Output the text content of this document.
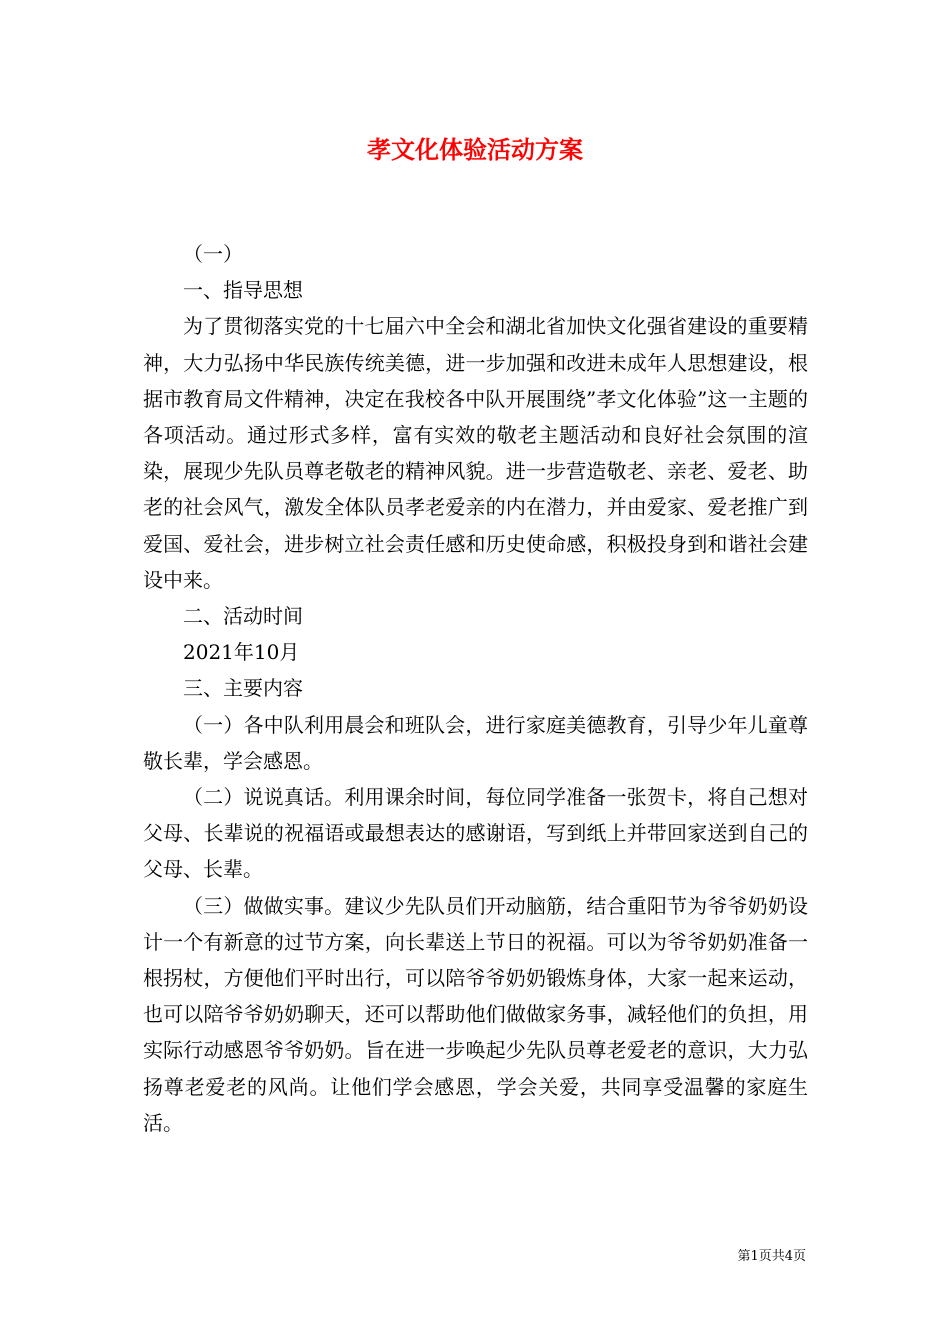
孝文化体验活动方案

（一）

一、指导思想

为了贯彻落实党的十七届六中全会和湖北省加快文化强省建设的重要精神，大力弘扬中华民族传统美德，进一步加强和改进未成年人思想建设，根据市教育局文件精神，决定在我校各中队开展围绕”孝文化体验”这一主题的各项活动。通过形式多样，富有实效的敬老主题活动和良好社会氛围的渲染，展现少先队员尊老敬老的精神风貌。进一步营造敬老、亲老、爱老、助老的社会风气，激发全体队员孝老爱亲的内在潜力，并由爱家、爱老推广到爱国、爱社会，进步树立社会责任感和历史使命感，积极投身到和谐社会建设中来。

二、活动时间

2021年10月

三、主要内容

（一）各中队利用晨会和班队会，进行家庭美德教育，引导少年儿童尊敬长辈，学会感恩。

（二）说说真话。利用课余时间，每位同学准备一张贺卡，将自己想对父母、长辈说的祝福语或最想表达的感谢语，写到纸上并带回家送到自己的父母、长辈。

（三）做做实事。建议少先队员们开动脑筋，结合重阳节为爷爷奶奶设计一个有新意的过节方案，向长辈送上节日的祝福。可以为爷爷奶奶准备一根拐杖，方便他们平时出行，可以陪爷爷奶奶锻炼身体，大家一起来运动，也可以陪爷爷奶奶聊天，还可以帮助他们做做家务事，减轻他们的负担，用实际行动感恩爷爷奶奶。旨在进一步唤起少先队员尊老爱老的意识，大力弘扬尊老爱老的风尚。让他们学会感恩，学会关爱，共同享受温馨的家庭生活。

第1页共4页
